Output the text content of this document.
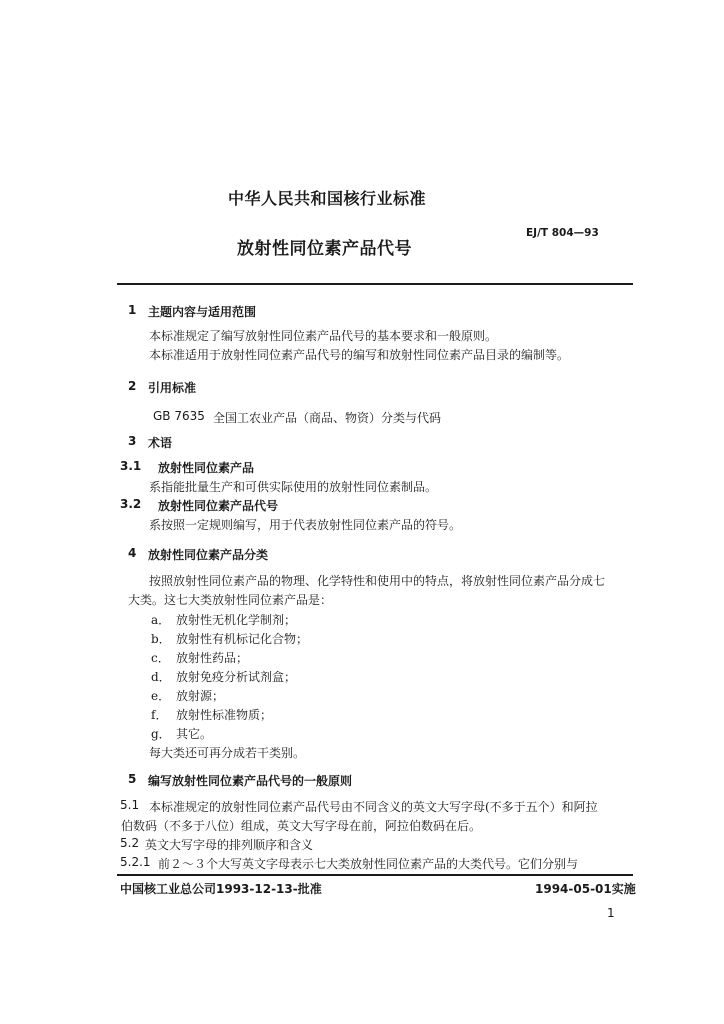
中华人民共和国核行业标准
放射性同位素产品代号
EJ/T 804—93
1 主题内容与适用范围
本标准规定了编写放射性同位素产品代号的基本要求和一般原则。
本标准适用于放射性同位素产品代号的编写和放射性同位素产品目录的编制等。
2 引用标准
GB 7635 全国工农业产品（商品、物资）分类与代码
3 术语
3.1 放射性同位素产品
系指能批量生产和可供实际使用的放射性同位素制品。
3.2 放射性同位素产品代号
系按照一定规则编写，用于代表放射性同位素产品的符号。
4 放射性同位素产品分类
按照放射性同位素产品的物理、化学特性和使用中的特点，将放射性同位素产品分成七
大类。这七大类放射性同位素产品是：
a． 放射性无机化学制剂；
b． 放射性有机标记化合物；
c． 放射性药品；
d． 放射免疫分析试剂盒；
e． 放射源；
f． 放射性标准物质；
g． 其它。
每大类还可再分成若干类别。
5 编写放射性同位素产品代号的一般原则
5.1 本标准规定的放射性同位素产品代号由不同含义的英文大写字母(不多于五个）和阿拉
伯数码（不多于八位）组成，英文大写字母在前，阿拉伯数码在后。
5.2 英文大写字母的排列顺序和含义
5.2.1 前２～３个大写英文字母表示七大类放射性同位素产品的大类代号。它们分别与
中国核工业总公司1993-12-13-批准	1994-05-01实施
1
